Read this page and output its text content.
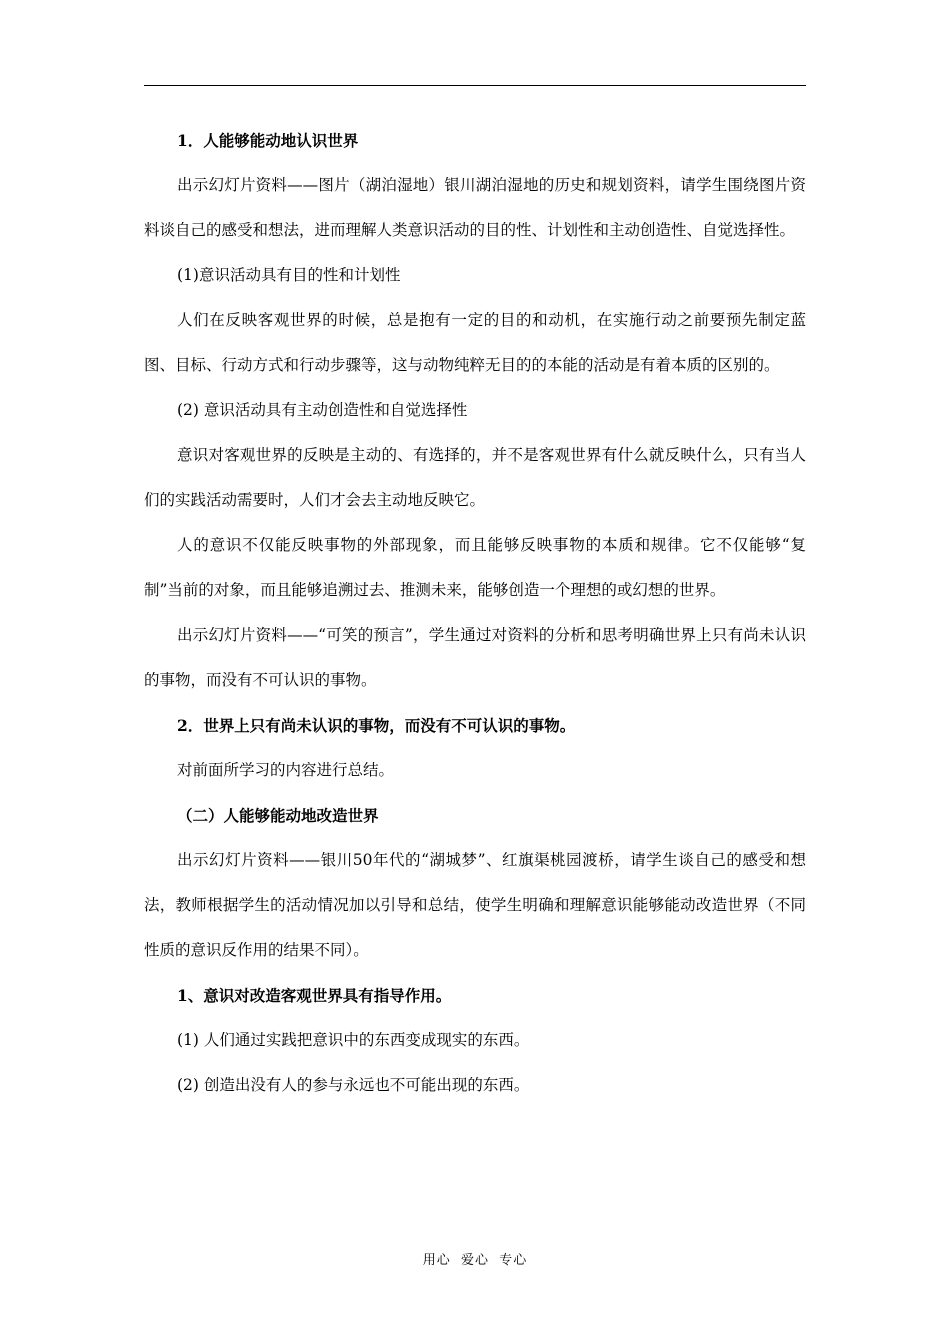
1．人能够能动地认识世界

出示幻灯片资料——图片（湖泊湿地）银川湖泊湿地的历史和规划资料，请学生围绕图片资料谈自己的感受和想法，进而理解人类意识活动的目的性、计划性和主动创造性、自觉选择性。

(1)意识活动具有目的性和计划性

人们在反映客观世界的时候，总是抱有一定的目的和动机，在实施行动之前要预先制定蓝图、目标、行动方式和行动步骤等，这与动物纯粹无目的的本能的活动是有着本质的区别的。

(2) 意识活动具有主动创造性和自觉选择性

意识对客观世界的反映是主动的、有选择的，并不是客观世界有什么就反映什么，只有当人们的实践活动需要时，人们才会去主动地反映它。

人的意识不仅能反映事物的外部现象，而且能够反映事物的本质和规律。它不仅能够“复制”当前的对象，而且能够追溯过去、推测未来，能够创造一个理想的或幻想的世界。

出示幻灯片资料——“可笑的预言”，学生通过对资料的分析和思考明确世界上只有尚未认识的事物，而没有不可认识的事物。

2．世界上只有尚未认识的事物，而没有不可认识的事物。

对前面所学习的内容进行总结。

（二）人能够能动地改造世界

出示幻灯片资料——银川50年代的“湖城梦”、红旗渠桃园渡桥，请学生谈自己的感受和想法，教师根据学生的活动情况加以引导和总结，使学生明确和理解意识能够能动改造世界（不同性质的意识反作用的结果不同）。

1、意识对改造客观世界具有指导作用。

(1) 人们通过实践把意识中的东西变成现实的东西。

(2) 创造出没有人的参与永远也不可能出现的东西。

用心  爱心  专心
